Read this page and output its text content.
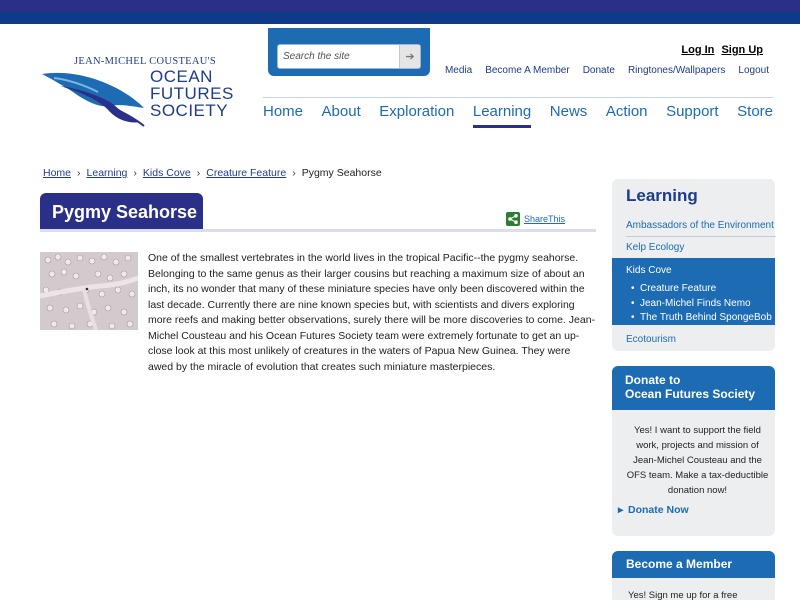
JEAN-MICHEL COUSTEAU'S
OCEAN
FUTURES
SOCIETY
Search the site
➔
Log In Sign Up
Media Become A Member Donate Ringtones/Wallpapers Logout
Home About Exploration Learning News Action Support Store
Home › Learning › Kids Cove › Creature Feature › Pygmy Seahorse
Pygmy Seahorse	ShareThis

One of the smallest vertebrates in the world lives in the tropical Pacific--the pygmy seahorse. Belonging to the same genus as their larger cousins but reaching a maximum size of about an inch, its no wonder that many of these miniature species have only been discovered within the last decade. Currently there are nine known species but, with scientists and divers exploring more reefs and making better observations, surely there will be more discoveries to come. Jean-Michel Cousteau and his Ocean Futures Society team were extremely fortunate to get an up-close look at this most unlikely of creatures in the waters of Papua New Guinea. They were awed by the miracle of evolution that creates such miniature masterpieces.

Learning
Ambassadors of the Environment
Kelp Ecology
Kids Cove
• Creature Feature
• Jean-Michel Finds Nemo
• The Truth Behind SpongeBob
Ecotourism
Donate to
Ocean Futures Society

Yes! I want to support the field work, projects and mission of Jean-Michel Cousteau and the OFS team. Make a tax-deductible donation now!

▸ Donate Now
Become a Member
Yes! Sign me up for a free
